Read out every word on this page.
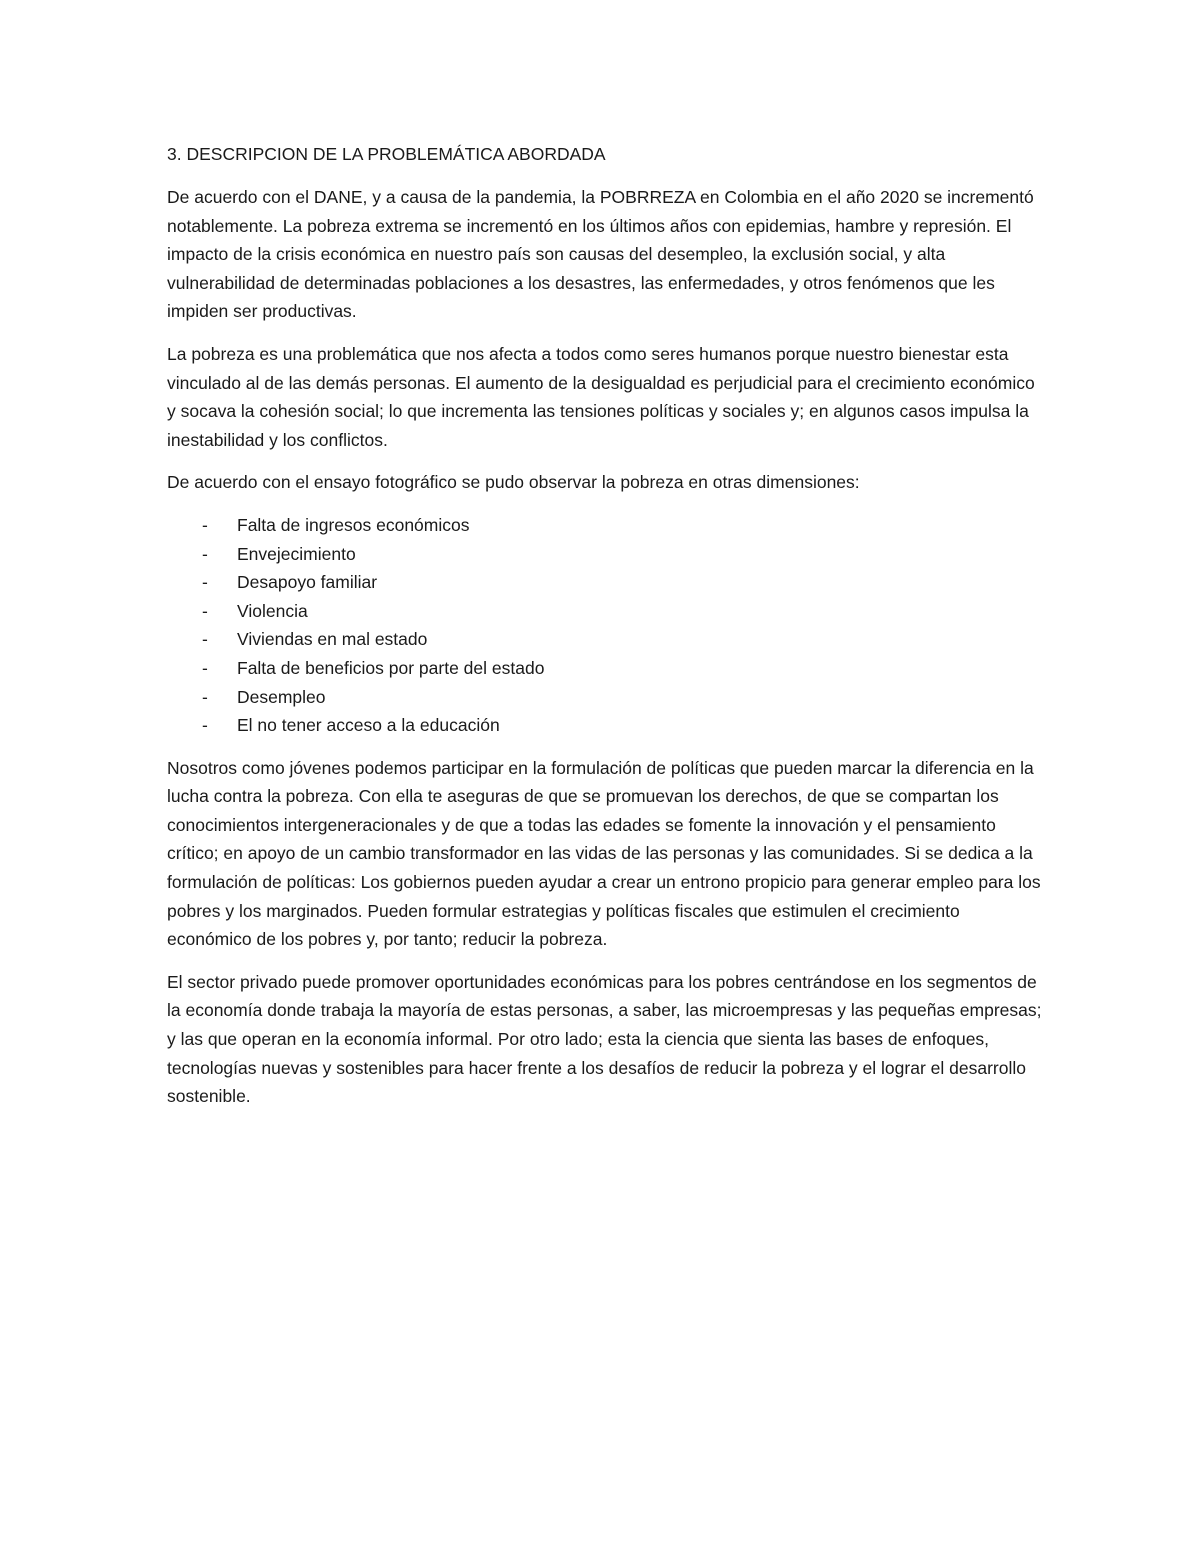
3. DESCRIPCION DE LA PROBLEMÁTICA ABORDADA

De acuerdo con el DANE, y a causa de la pandemia, la POBRREZA en Colombia en el año 2020 se incrementó notablemente. La pobreza extrema se incrementó en los últimos años con epidemias, hambre y represión. El impacto de la crisis económica en nuestro país son causas del desempleo, la exclusión social, y alta vulnerabilidad de determinadas poblaciones a los desastres, las enfermedades, y otros fenómenos que les impiden ser productivas.

La pobreza es una problemática que nos afecta a todos como seres humanos porque nuestro bienestar esta vinculado al de las demás personas. El aumento de la desigualdad es perjudicial para el crecimiento económico y socava la cohesión social; lo que incrementa las tensiones políticas y sociales y; en algunos casos impulsa la inestabilidad y los conflictos.

De acuerdo con el ensayo fotográfico se pudo observar la pobreza en otras dimensiones:

- Falta de ingresos económicos
- Envejecimiento
- Desapoyo familiar
- Violencia
- Viviendas en mal estado
- Falta de beneficios por parte del estado
- Desempleo
- El no tener acceso a la educación

Nosotros como jóvenes podemos participar en la formulación de políticas que pueden marcar la diferencia en la lucha contra la pobreza. Con ella te aseguras de que se promuevan los derechos, de que se compartan los conocimientos intergeneracionales y de que a todas las edades se fomente la innovación y el pensamiento crítico; en apoyo de un cambio transformador en las vidas de las personas y las comunidades. Si se dedica a la formulación de políticas: Los gobiernos pueden ayudar a crear un entrono propicio para generar empleo para los pobres y los marginados. Pueden formular estrategias y políticas fiscales que estimulen el crecimiento económico de los pobres y, por tanto; reducir la pobreza.

El sector privado puede promover oportunidades económicas para los pobres centrándose en los segmentos de la economía donde trabaja la mayoría de estas personas, a saber, las microempresas y las pequeñas empresas; y las que operan en la economía informal. Por otro lado; esta la ciencia que sienta las bases de enfoques, tecnologías nuevas y sostenibles para hacer frente a los desafíos de reducir la pobreza y el lograr el desarrollo sostenible.
